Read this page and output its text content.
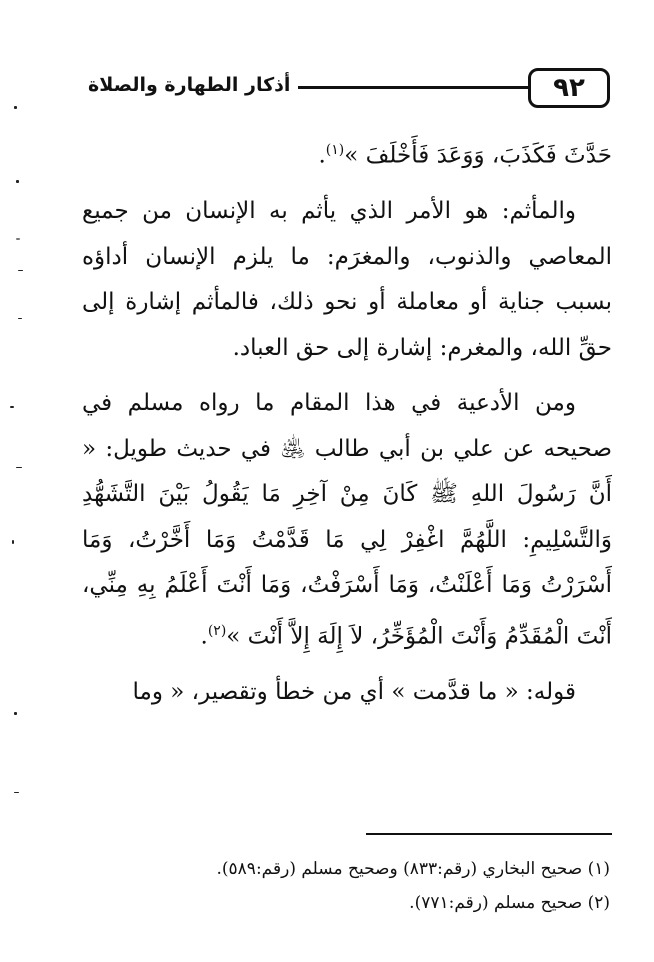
أذكار الطهارة والصلاة	٩٢

حَدَّثَ فَكَذَبَ، وَوَعَدَ فَأَخْلَفَ »$^{(١)}$.

والمأثم: هو الأمر الذي يأثم به الإنسان من جميع المعاصي والذنوب، والمغرَم: ما يلزم الإنسان أداؤه بسبب جناية أو معاملة أو نحو ذلك، فالمأثم إشارة إلى حقِّ الله، والمغرم: إشارة إلى حق العباد.

ومن الأدعية في هذا المقام ما رواه مسلم في صحيحه عن علي بن أبي طالب ﵁ في حديث طويل: « أَنَّ رَسُولَ اللهِ ﷺ كَانَ مِنْ آخِرِ مَا يَقُولُ بَيْنَ التَّشَهُّدِ وَالتَّسْلِيمِ: اللَّهُمَّ اغْفِرْ لِي مَا قَدَّمْتُ وَمَا أَخَّرْتُ، وَمَا أَسْرَرْتُ وَمَا أَعْلَنْتُ، وَمَا أَسْرَفْتُ، وَمَا أَنْتَ أَعْلَمُ بِهِ مِنِّي، أَنْتَ الْمُقَدِّمُ وَأَنْتَ الْمُؤَخِّرُ، لاَ إِلَهَ إِلاَّ أَنْتَ »$^{(٢)}$.

قوله: « ما قدَّمت » أي من خطأ وتقصير، « وما

(١) صحيح البخاري (رقم:٨٣٣) وصحيح مسلم (رقم:٥٨٩).

(٢) صحيح مسلم (رقم:٧٧١).
